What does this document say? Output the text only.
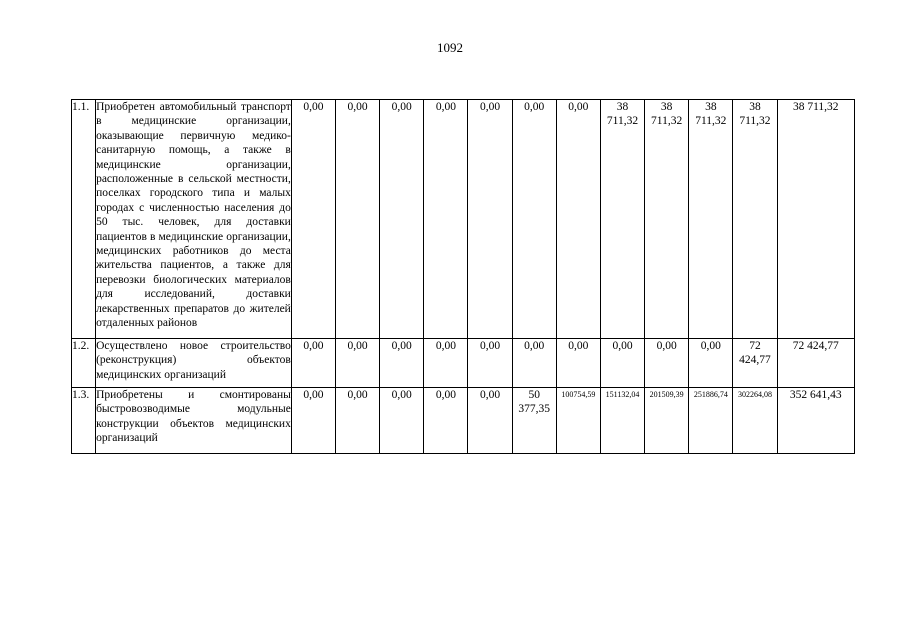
1092
1.1.	Приобретен автомобильный транспорт в медицинские организации, оказывающие первичную медико-санитарную помощь, а также в медицинские организации, расположенные в сельской местности, поселках городского типа и малых городах с численностью населения до 50 тыс. человек, для доставки пациентов в медицинские организации, медицинских работников до места жительства пациентов, а также для перевозки биологических материалов для исследований, доставки лекарственных препаратов до жителей отдаленных районов	0,00	0,00	0,00	0,00	0,00	0,00	0,00	38 711,32	38 711,32	38 711,32	38 711,32	38 711,32
1.2.	Осуществлено новое строительство (реконструкция) объектов медицинских организаций	0,00	0,00	0,00	0,00	0,00	0,00	0,00	0,00	0,00	0,00	72 424,77	72 424,77
1.3.	Приобретены и смонтированы быстровозводимые модульные конструкции объектов медицинских организаций	0,00	0,00	0,00	0,00	0,00	50 377,35	100754,59	151132,04	201509,39	251886,74	302264,08	352 641,43
